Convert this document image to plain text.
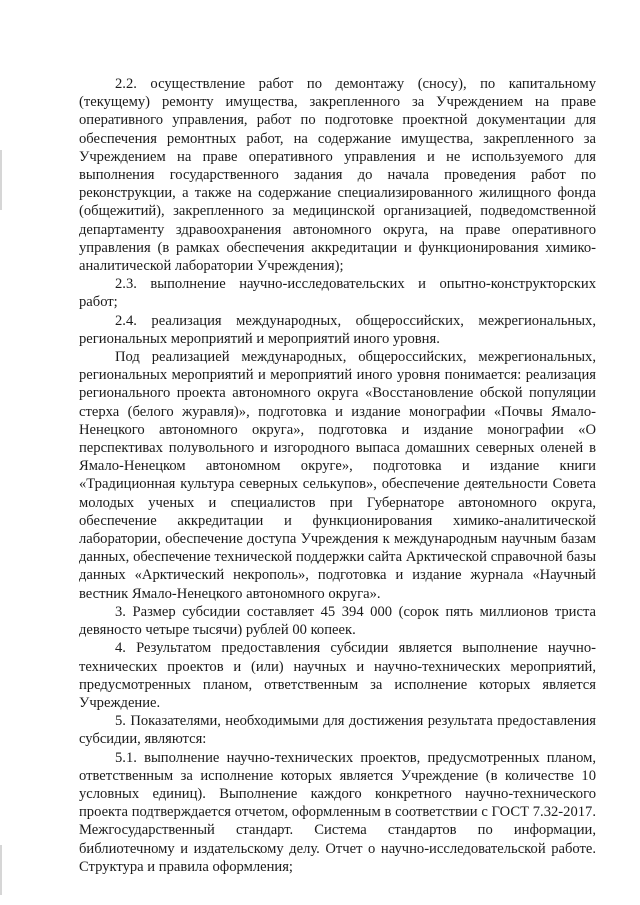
2.2. осуществление работ по демонтажу (сносу), по капитальному (текущему) ремонту имущества, закрепленного за Учреждением на праве оперативного управления, работ по подготовке проектной документации для обеспечения ремонтных работ, на содержание имущества, закрепленного за Учреждением на праве оперативного управления и не используемого для выполнения государственного задания до начала проведения работ по реконструкции, а также на содержание специализированного жилищного фонда (общежитий), закрепленного за медицинской организацией, подведомственной департаменту здравоохранения автономного округа, на праве оперативного управления (в рамках обеспечения аккредитации и функционирования химико-аналитической лаборатории Учреждения);

2.3. выполнение научно-исследовательских и опытно-конструкторских работ;

2.4. реализация международных, общероссийских, межрегиональных, региональных мероприятий и мероприятий иного уровня.

Под реализацией международных, общероссийских, межрегиональных, региональных мероприятий и мероприятий иного уровня понимается: реализация регионального проекта автономного округа «Восстановление обской популяции стерха (белого журавля)», подготовка и издание монографии «Почвы Ямало-Ненецкого автономного округа», подготовка и издание монографии «О перспективах полувольного и изгородного выпаса домашних северных оленей в Ямало-Ненецком автономном округе», подготовка и издание книги «Традиционная культура северных селькупов», обеспечение деятельности Совета молодых ученых и специалистов при Губернаторе автономного округа, обеспечение аккредитации и функционирования химико-аналитической лаборатории, обеспечение доступа Учреждения к международным научным базам данных, обеспечение технической поддержки сайта Арктической справочной базы данных «Арктический некрополь», подготовка и издание журнала «Научный вестник Ямало-Ненецкого автономного округа».

3. Размер субсидии составляет 45 394 000 (сорок пять миллионов триста девяносто четыре тысячи) рублей 00 копеек.

4. Результатом предоставления субсидии является выполнение научно-технических проектов и (или) научных и научно-технических мероприятий, предусмотренных планом, ответственным за исполнение которых является Учреждение.

5. Показателями, необходимыми для достижения результата предоставления субсидии, являются:

5.1. выполнение научно-технических проектов, предусмотренных планом, ответственным за исполнение которых является Учреждение (в количестве 10 условных единиц). Выполнение каждого конкретного научно-технического проекта подтверждается отчетом, оформленным в соответствии с ГОСТ 7.32-2017. Межгосударственный стандарт. Система стандартов по информации, библиотечному и издательскому делу. Отчет о научно-исследовательской работе. Структура и правила оформления;
